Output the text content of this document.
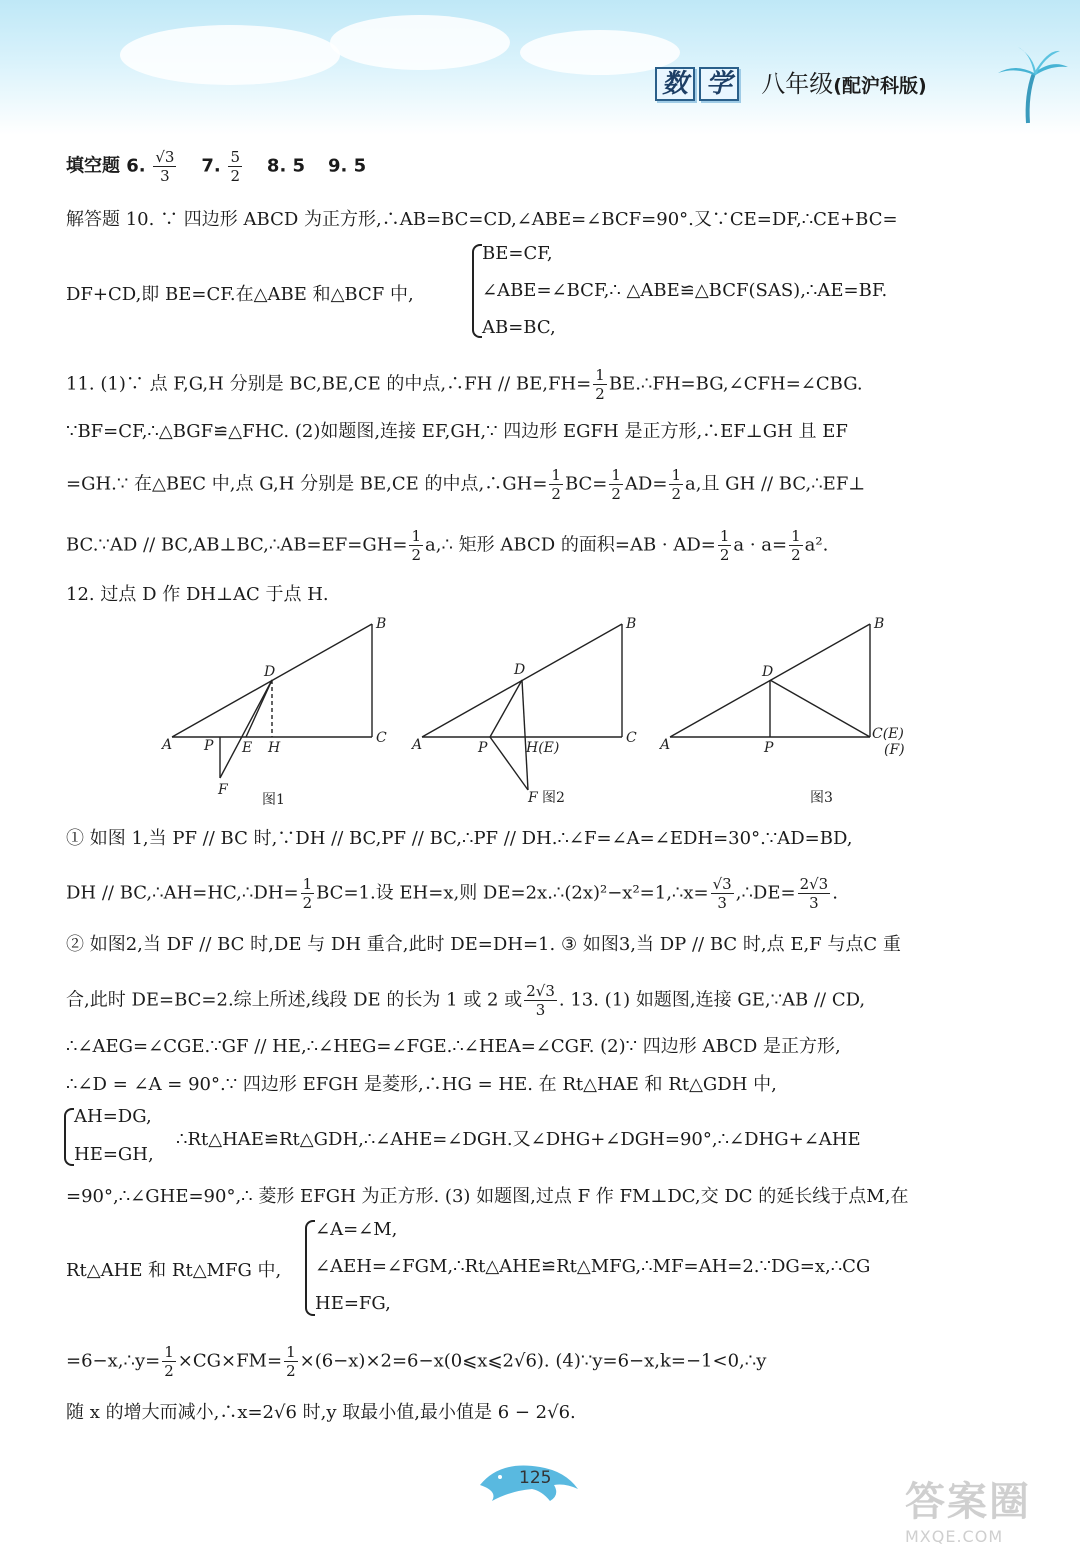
数 学 八年级(配沪科版)
填空题 6. $\frac{√3}{3} 7$. $\frac{5}{2} 8$. 5 9. 5
解答题 10. ∵ 四边形 ABCD 为正方形,∴AB=BC=CD,∠ABE=∠BCF=90°.又∵CE=DF,∴CE+BC=
DF+CD,即 BE=CF.在△ABE 和△BCF 中,
BE=CF,
∠ABE=∠BCF,∴ △ABE≌△BCF(SAS),∴AE=BF.
AB=BC,
11. (1)∵ 点 F,G,H 分别是 BC,BE,CE 的中点,∴FH // $BE,FH= \frac{1}{2}$ BE.∴FH=BG,∠CFH=∠CBG.
∵BF=CF,∴△BGF≌△FHC. (2)如题图,连接 EF,GH,∵ 四边形 EGFH 是正方形,∴EF⊥GH 且 EF
=GH.∵ 在△BEC 中,点 G,H 分别是 BE,CE 的中点,∴GH= $\frac{1}{2} BC= \frac{1}{2} AD= \frac{1}{2} a$,且 GH // BC,∴EF⊥
BC.∵AD // BC,AB⊥BC,∴AB=EF=GH= $\frac{1}{2}$ a,∴ 矩形 ABCD 的面积$=AB \cdot AD= \frac{1}{2}$ $a \cdot a= \frac{1}{2} a^2$.
12. 过点 D 作 DH⊥AC 于点 H.
A
B
C
D
P E H
F
图1
A
B
C
D
P	H(E)
F 图2
A
B
C(E)
(F)
D
P
图3
① 如图 1,当 PF // BC 时,∵DH // BC,PF // BC,∴PF // DH.∴∠F=∠A=∠EDH=30°.∵AD=BD,
DH // BC,∴AH=HC,∴DH= $\frac{1}{2} BC=1$.设 EH=x,则 DE=2x.∴(2x)²−x²=1,∴x= $\frac{√3}{3}$ ,∴DE= $\frac{2√3}{3}$ .
② 如图2,当 DF // BC 时,DE 与 DH 重合,此时 DE=DH=1. ③ 如图3,当 DP // BC 时,点 E,F 与点C 重
合,此时 DE=BC=2.综上所述,线段 DE 的长为 1 或 2 或 $\frac{2√3}{3}$ . 13. (1) 如题图,连接 GE,∵AB // CD,
∴∠AEG=∠CGE.∵GF // HE,∴∠HEG=∠FGE.∴∠HEA=∠CGF. (2)∵ 四边形 ABCD 是正方形,
∴∠D = ∠A = 90°.∵ 四边形 EFGH 是菱形,∴HG = HE. 在 Rt△HAE 和 Rt△GDH 中,
AH=DG,
HE=GH,
∴Rt△HAE≌Rt△GDH,∴∠AHE=∠DGH.又∠DHG+∠DGH=90°,∴∠DHG+∠AHE
=90°,∴∠GHE=90°,∴ 菱形 EFGH 为正方形. (3) 如题图,过点 F 作 FM⊥DC,交 DC 的延长线于点M,在
Rt△AHE 和 Rt△MFG 中,
∠A=∠M,
∠AEH=∠FGM,∴Rt△AHE≌Rt△MFG,∴MF=AH=2.∵DG=x,∴CG
HE=FG,
=6−x,∴y= $\frac{1}{2} \times CG\times FM= \frac{1}{2}$ ×(6−x)×2=6−x(0⩽x⩽2√6). (4)∵y=6−x,k=−1<0,∴y
随 x 的增大而减小,∴x=2√6 时,y 取最小值,最小值是 6 − 2√6.
125
答案圈
MXQE.COM
